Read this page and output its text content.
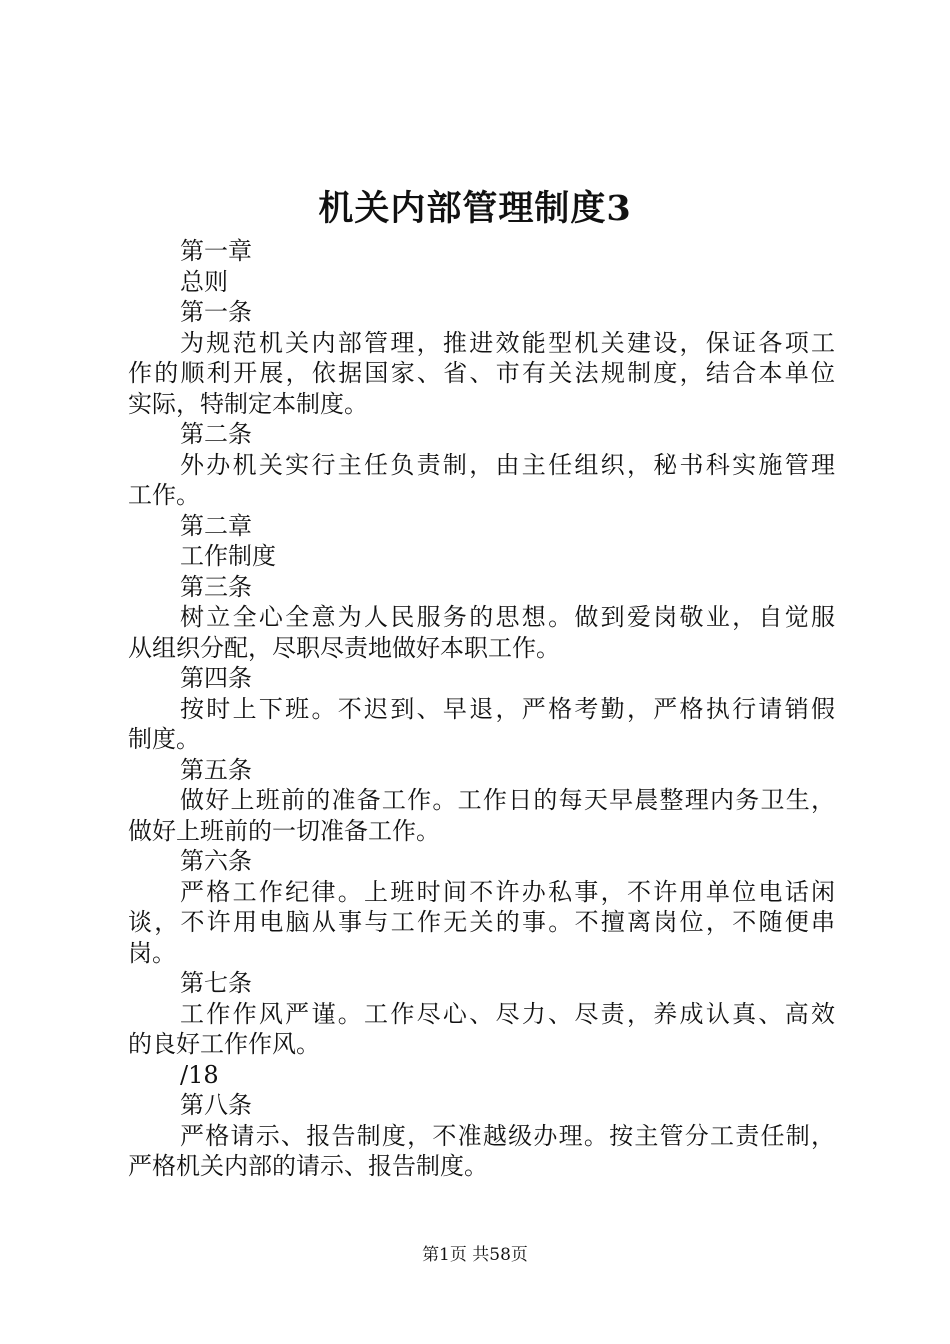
机关内部管理制度3
第一章
总则
第一条
为规范机关内部管理，推进效能型机关建设，保证各项工
作的顺利开展，依据国家、省、市有关法规制度，结合本单位
实际，特制定本制度。
第二条
外办机关实行主任负责制，由主任组织，秘书科实施管理
工作。
第二章
工作制度
第三条
树立全心全意为人民服务的思想。做到爱岗敬业，自觉服
从组织分配，尽职尽责地做好本职工作。
第四条
按时上下班。不迟到、早退，严格考勤，严格执行请销假
制度。
第五条
做好上班前的准备工作。工作日的每天早晨整理内务卫生，
做好上班前的一切准备工作。
第六条
严格工作纪律。上班时间不许办私事，不许用单位电话闲
谈，不许用电脑从事与工作无关的事。不擅离岗位，不随便串
岗。
第七条
工作作风严谨。工作尽心、尽力、尽责，养成认真、高效
的良好工作作风。
/18
第八条
严格请示、报告制度，不准越级办理。按主管分工责任制，
严格机关内部的请示、报告制度。
第1页 共58页
